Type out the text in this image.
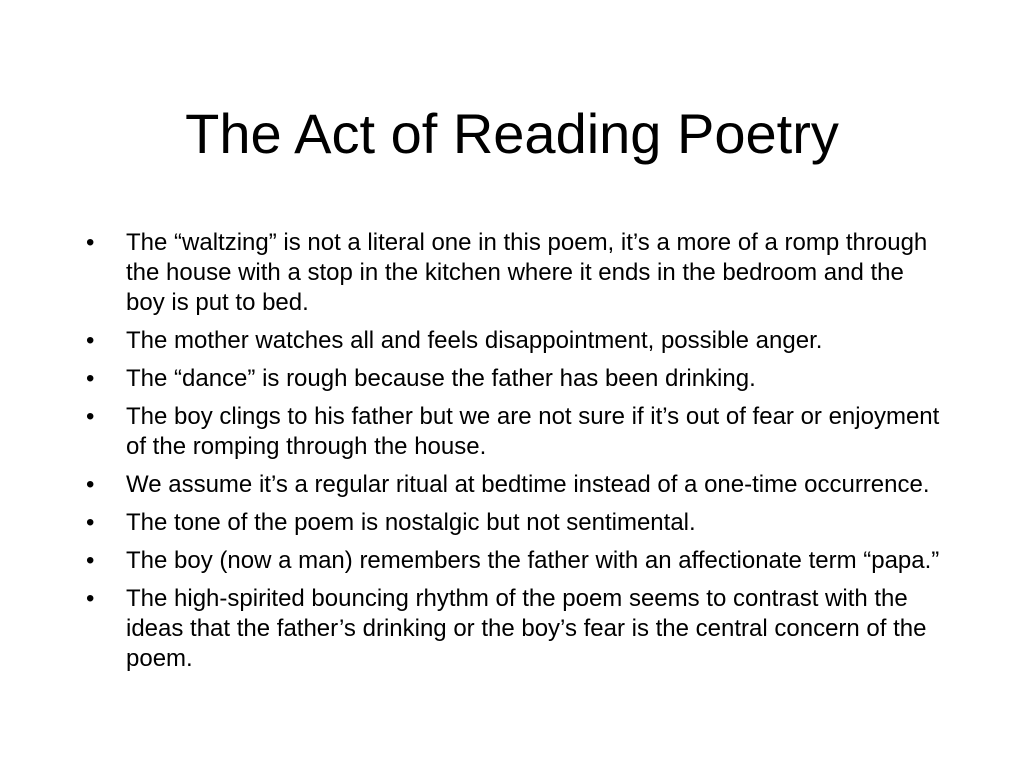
The Act of Reading Poetry
•	The “waltzing” is not a literal one in this poem, it’s a more of a romp through the house with a stop in the kitchen where it ends in the bedroom and the boy is put to bed.
•	The mother watches all and feels disappointment, possible anger.
•	The “dance” is rough because the father has been drinking.
•	The boy clings to his father but we are not sure if it’s out of fear or enjoyment of the romping through the house.
•	We assume it’s a regular ritual at bedtime instead of a one-time occurrence.
•	The tone of the poem is nostalgic but not sentimental.
•	The boy (now a man) remembers the father with an affectionate term “papa.”
•	The high-spirited bouncing rhythm of the poem seems to contrast with the ideas that the father’s drinking or the boy’s fear is the central concern of the poem.
